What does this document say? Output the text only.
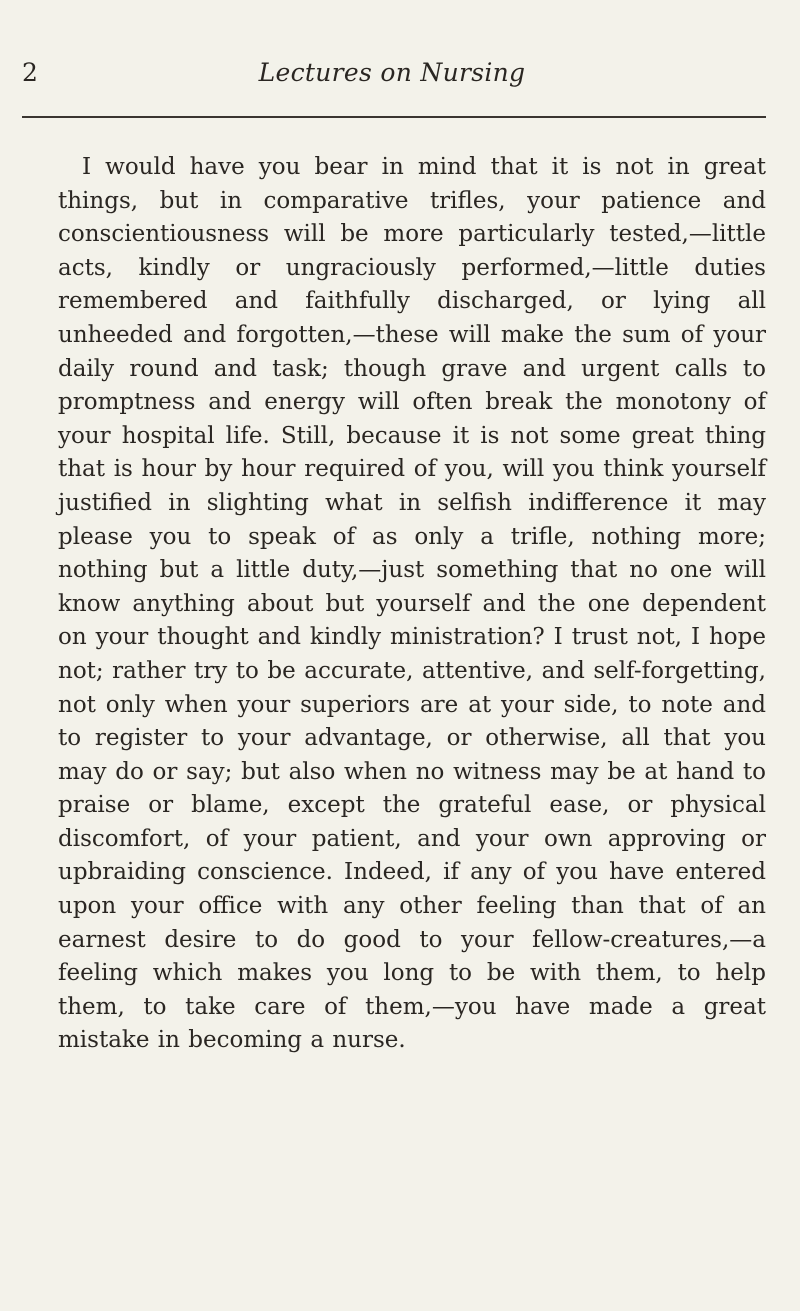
2	Lectures on Nursing

I would have you bear in mind that it is not in great things, but in comparative trifles, your patience and conscientiousness will be more particularly tested,—little acts, kindly or ungraciously performed,—little duties remembered and faithfully discharged, or lying all unheeded and forgotten,—these will make the sum of your daily round and task; though grave and urgent calls to promptness and energy will often break the monotony of your hospital life. Still, because it is not some great thing that is hour by hour required of you, will you think yourself justified in slighting what in selfish indifference it may please you to speak of as only a trifle, nothing more; nothing but a little duty,—just something that no one will know anything about but yourself and the one dependent on your thought and kindly ministration? I trust not, I hope not; rather try to be accurate, attentive, and self-forgetting, not only when your superiors are at your side, to note and to register to your advantage, or otherwise, all that you may do or say; but also when no witness may be at hand to praise or blame, except the grateful ease, or physical discomfort, of your patient, and your own approving or upbraiding conscience. Indeed, if any of you have entered upon your office with any other feeling than that of an earnest desire to do good to your fellow-creatures,—a feeling which makes you long to be with them, to help them, to take care of them,—you have made a great mistake in becoming a nurse.
